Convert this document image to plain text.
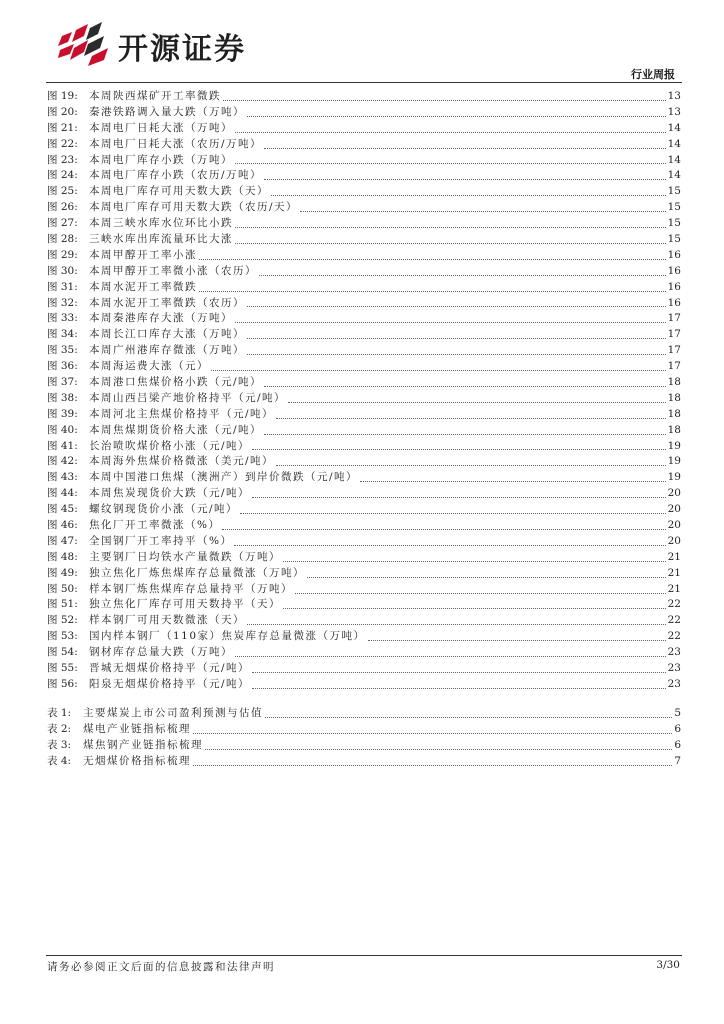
开源证券
行业周报
图 19:	本周陕西煤矿开工率微跌	13
图 20:	秦港铁路调入量大跌（万吨）	13
图 21:	本周电厂日耗大涨（万吨）	14
图 22:	本周电厂日耗大涨（农历/万吨）	14
图 23:	本周电厂库存小跌（万吨）	14
图 24:	本周电厂库存小跌（农历/万吨）	14
图 25:	本周电厂库存可用天数大跌（天）	15
图 26:	本周电厂库存可用天数大跌（农历/天）	15
图 27:	本周三峡水库水位环比小跌	15
图 28:	三峡水库出库流量环比大涨	15
图 29:	本周甲醇开工率小涨	16
图 30:	本周甲醇开工率微小涨（农历）	16
图 31:	本周水泥开工率微跌	16
图 32:	本周水泥开工率微跌（农历）	16
图 33:	本周秦港库存大涨（万吨）	17
图 34:	本周长江口库存大涨（万吨）	17
图 35:	本周广州港库存微涨（万吨）	17
图 36:	本周海运费大涨（元）	17
图 37:	本周港口焦煤价格小跌（元/吨）	18
图 38:	本周山西吕梁产地价格持平（元/吨）	18
图 39:	本周河北主焦煤价格持平（元/吨）	18
图 40:	本周焦煤期货价格大涨（元/吨）	18
图 41:	长治喷吹煤价格小涨（元/吨）	19
图 42:	本周海外焦煤价格微涨（美元/吨）	19
图 43:	本周中国港口焦煤（澳洲产）到岸价微跌（元/吨）	19
图 44:	本周焦炭现货价大跌（元/吨）	20
图 45:	螺纹钢现货价小涨（元/吨）	20
图 46:	焦化厂开工率微涨（%）	20
图 47:	全国钢厂开工率持平（%）	20
图 48:	主要钢厂日均铁水产量微跌（万吨）	21
图 49:	独立焦化厂炼焦煤库存总量微涨（万吨）	21
图 50:	样本钢厂炼焦煤库存总量持平（万吨）	21
图 51:	独立焦化厂库存可用天数持平（天）	22
图 52:	样本钢厂可用天数微涨（天）	22
图 53:	国内样本钢厂（110家）焦炭库存总量微涨（万吨）	22
图 54:	钢材库存总量大跌（万吨）	23
图 55:	晋城无烟煤价格持平（元/吨）	23
图 56:	阳泉无烟煤价格持平（元/吨）	23
表 1:	主要煤炭上市公司盈利预测与估值	5
表 2:	煤电产业链指标梳理	6
表 3:	煤焦钢产业链指标梳理	6
表 4:	无烟煤价格指标梳理	7
请务必参阅正文后面的信息披露和法律声明	3/30
